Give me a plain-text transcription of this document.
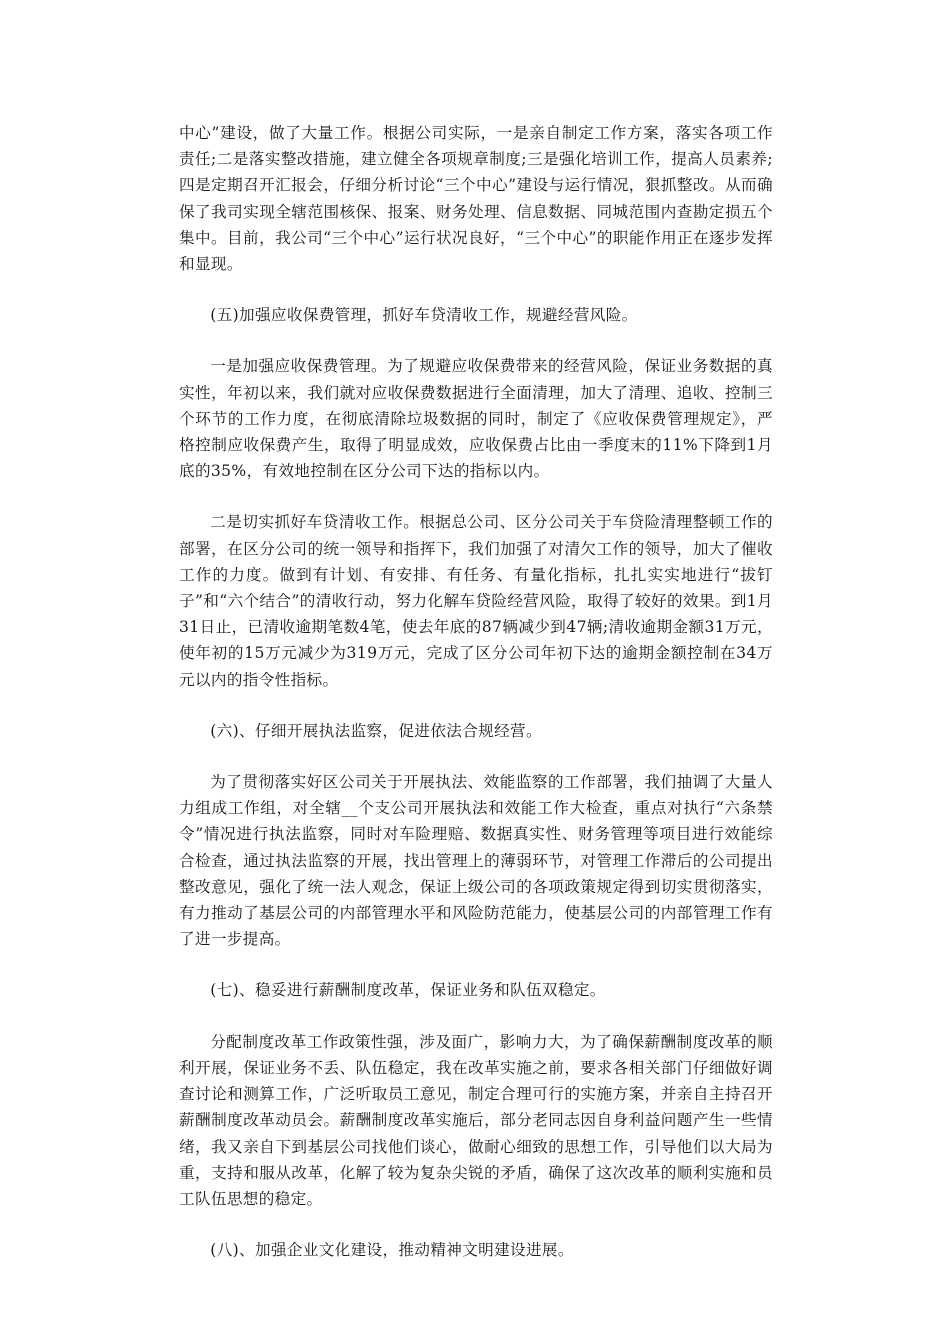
中心”建设，做了大量工作。根据公司实际，一是亲自制定工作方案，落实各项工作责任;二是落实整改措施，建立健全各项规章制度;三是强化培训工作，提高人员素养;四是定期召开汇报会，仔细分析讨论“三个中心”建设与运行情况，狠抓整改。从而确保了我司实现全辖范围核保、报案、财务处理、信息数据、同城范围内查勘定损五个集中。目前，我公司“三个中心”运行状况良好，“三个中心”的职能作用正在逐步发挥和显现。

(五)加强应收保费管理，抓好车贷清收工作，规避经营风险。

一是加强应收保费管理。为了规避应收保费带来的经营风险，保证业务数据的真实性，年初以来，我们就对应收保费数据进行全面清理，加大了清理、追收、控制三个环节的工作力度，在彻底清除垃圾数据的同时，制定了《应收保费管理规定》，严格控制应收保费产生，取得了明显成效，应收保费占比由一季度末的11%下降到1月底的35%，有效地控制在区分公司下达的指标以内。

二是切实抓好车贷清收工作。根据总公司、区分公司关于车贷险清理整顿工作的部署，在区分公司的统一领导和指挥下，我们加强了对清欠工作的领导，加大了催收工作的力度。做到有计划、有安排、有任务、有量化指标，扎扎实实地进行“拔钉子”和“六个结合”的清收行动，努力化解车贷险经营风险，取得了较好的效果。到1月31日止，已清收逾期笔数4笔，使去年底的87辆减少到47辆;清收逾期金额31万元，使年初的15万元减少为319万元，完成了区分公司年初下达的逾期金额控制在34万元以内的指令性指标。

(六)、仔细开展执法监察，促进依法合规经营。

为了贯彻落实好区公司关于开展执法、效能监察的工作部署，我们抽调了大量人力组成工作组，对全辖__个支公司开展执法和效能工作大检查，重点对执行“六条禁令”情况进行执法监察，同时对车险理赔、数据真实性、财务管理等项目进行效能综合检查，通过执法监察的开展，找出管理上的薄弱环节，对管理工作滞后的公司提出整改意见，强化了统一法人观念，保证上级公司的各项政策规定得到切实贯彻落实，有力推动了基层公司的内部管理水平和风险防范能力，使基层公司的内部管理工作有了进一步提高。

(七)、稳妥进行薪酬制度改革，保证业务和队伍双稳定。

分配制度改革工作政策性强，涉及面广，影响力大，为了确保薪酬制度改革的顺利开展，保证业务不丢、队伍稳定，我在改革实施之前，要求各相关部门仔细做好调查讨论和测算工作，广泛听取员工意见，制定合理可行的实施方案，并亲自主持召开薪酬制度改革动员会。薪酬制度改革实施后，部分老同志因自身利益问题产生一些情绪，我又亲自下到基层公司找他们谈心，做耐心细致的思想工作，引导他们以大局为重，支持和服从改革，化解了较为复杂尖锐的矛盾，确保了这次改革的顺利实施和员工队伍思想的稳定。

(八)、加强企业文化建设，推动精神文明建设进展。
